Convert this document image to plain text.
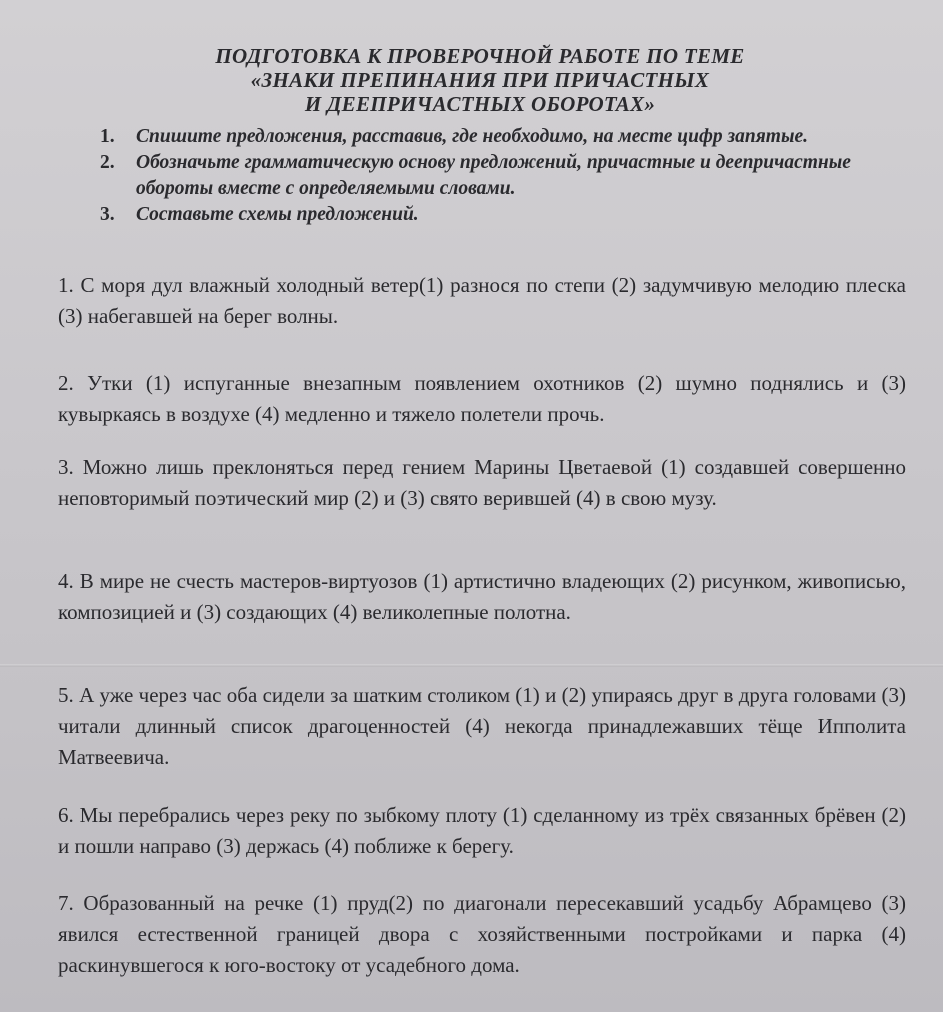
ПОДГОТОВКА К ПРОВЕРОЧНОЙ РАБОТЕ ПО ТЕМЕ
«ЗНАКИ ПРЕПИНАНИЯ ПРИ ПРИЧАСТНЫХ
И ДЕЕПРИЧАСТНЫХ ОБОРОТАХ»
1. Спишите предложения, расставив, где необходимо, на месте цифр запятые.
2. Обозначьте грамматическую основу предложений, причастные и деепричастные обороты вместе с определяемыми словами.
3. Составьте схемы предложений.

1. С моря дул влажный холодный ветер(1) разнося по степи (2) задумчивую мелодию плеска (3) набегавшей на берег волны.

2. Утки (1) испуганные внезапным появлением охотников (2) шумно поднялись и (3) кувыркаясь в воздухе (4) медленно и тяжело полетели прочь.

3. Можно лишь преклоняться перед гением Марины Цветаевой (1) создавшей совершенно неповторимый поэтический мир (2) и (3) свято верившей (4) в свою музу.

4. В мире не счесть мастеров-виртуозов (1) артистично владеющих (2) рисунком, живописью, композицией и (3) создающих (4) великолепные полотна.

5. А уже через час оба сидели за шатким столиком (1) и (2) упираясь друг в друга головами (3) читали длинный список драгоценностей (4) некогда принадлежавших тёще Ипполита Матвеевича.

6. Мы перебрались через реку по зыбкому плоту (1) сделанному из трёх связанных брёвен (2) и пошли направо (3) держась (4) поближе к берегу.

7. Образованный на речке (1) пруд(2) по диагонали пересекавший усадьбу Абрамцево (3) явился естественной границей двора с хозяйственными постройками и парка (4) раскинувшегося к юго-востоку от усадебного дома.
